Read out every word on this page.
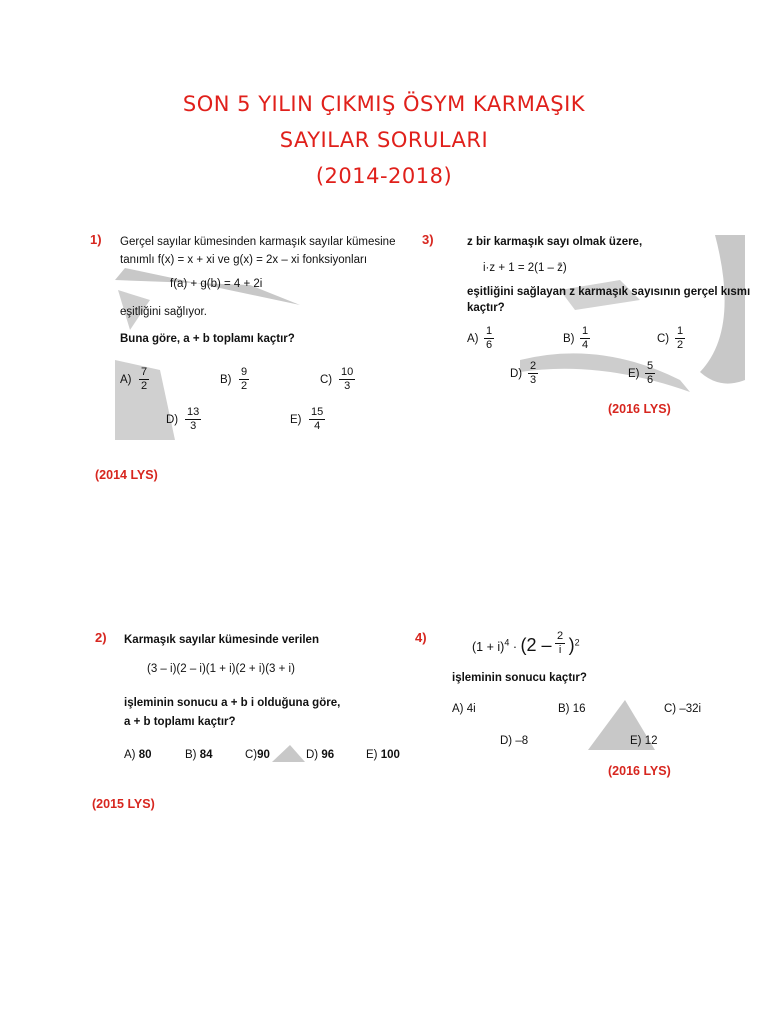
SON 5 YILIN ÇIKMIŞ ÖSYM KARMAŞIK
SAYILAR SORULARI
(2014-2018)
1) Gerçel sayılar kümesinden karmaşık sayılar kümesine
tanımlı f(x) = x + xi ve g(x) = 2x – xi fonksiyonları
f(a) + g(b) = 4 + 2i
eşitliğini sağlıyor.
Buna göre, a + b toplamı kaçtır?
$A) \frac{7}{2}$	$B) \frac{9}{2}$	$C) \frac{10}{3}$
$D) \frac{13}{3}$	$E) \frac{15}{4}$
(2014 LYS)
3)	z bir karmaşık sayı olmak üzere,
i·z + 1 = 2(1 – z̄)
eşitliğini sağlayan z karmaşık sayısının gerçel kısmı
kaçtır?
$A) \frac{1}{6}$	$B) \frac{1}{4}$	$C) \frac{1}{2}$
$D) \frac{2}{3}$	$E) \frac{5}{6}$
(2016 LYS)
2) Karmaşık sayılar kümesinde verilen
(3 – i)(2 – i)(1 + i)(2 + i)(3 + i)
işleminin sonucu a + b i olduğuna göre,
a + b toplamı kaçtır?
A) 80	B) 84	C)90	D) 96	E) 100
(2015 LYS)
4)
$(1 + i)^4 \cdot (2 - \frac{2}{i} )^2$
işleminin sonucu kaçtır?
A) 4i	B) 16	C) –32i
D) –8	E) 12
(2016 LYS)
